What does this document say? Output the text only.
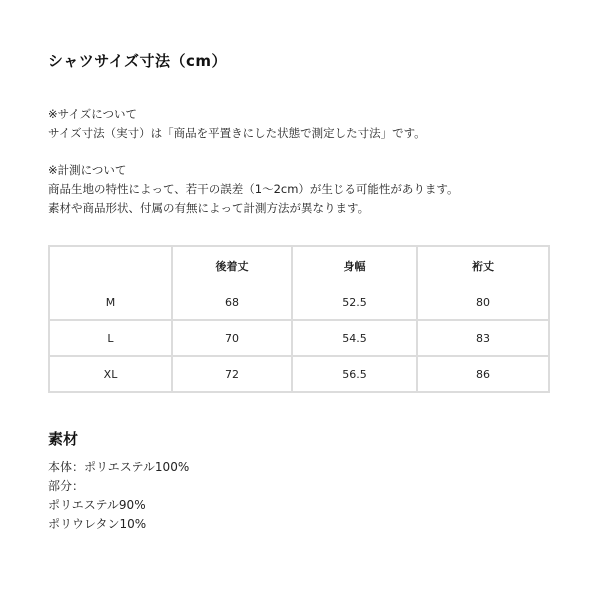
シャツサイズ寸法（cm）
※サイズについて
サイズ寸法（実寸）は「商品を平置きにした状態で測定した寸法」です。
※計測について
商品生地の特性によって、若干の誤差（1～2cm）が生じる可能性があります。
素材や商品形状、付属の有無によって計測方法が異なります。
	後着丈	身幅	裄丈
M	68	52.5	80
L	70	54.5	83
XL	72	56.5	86
素材
本体：ポリエステル100%
部分：
ポリエステル90%
ポリウレタン10%
